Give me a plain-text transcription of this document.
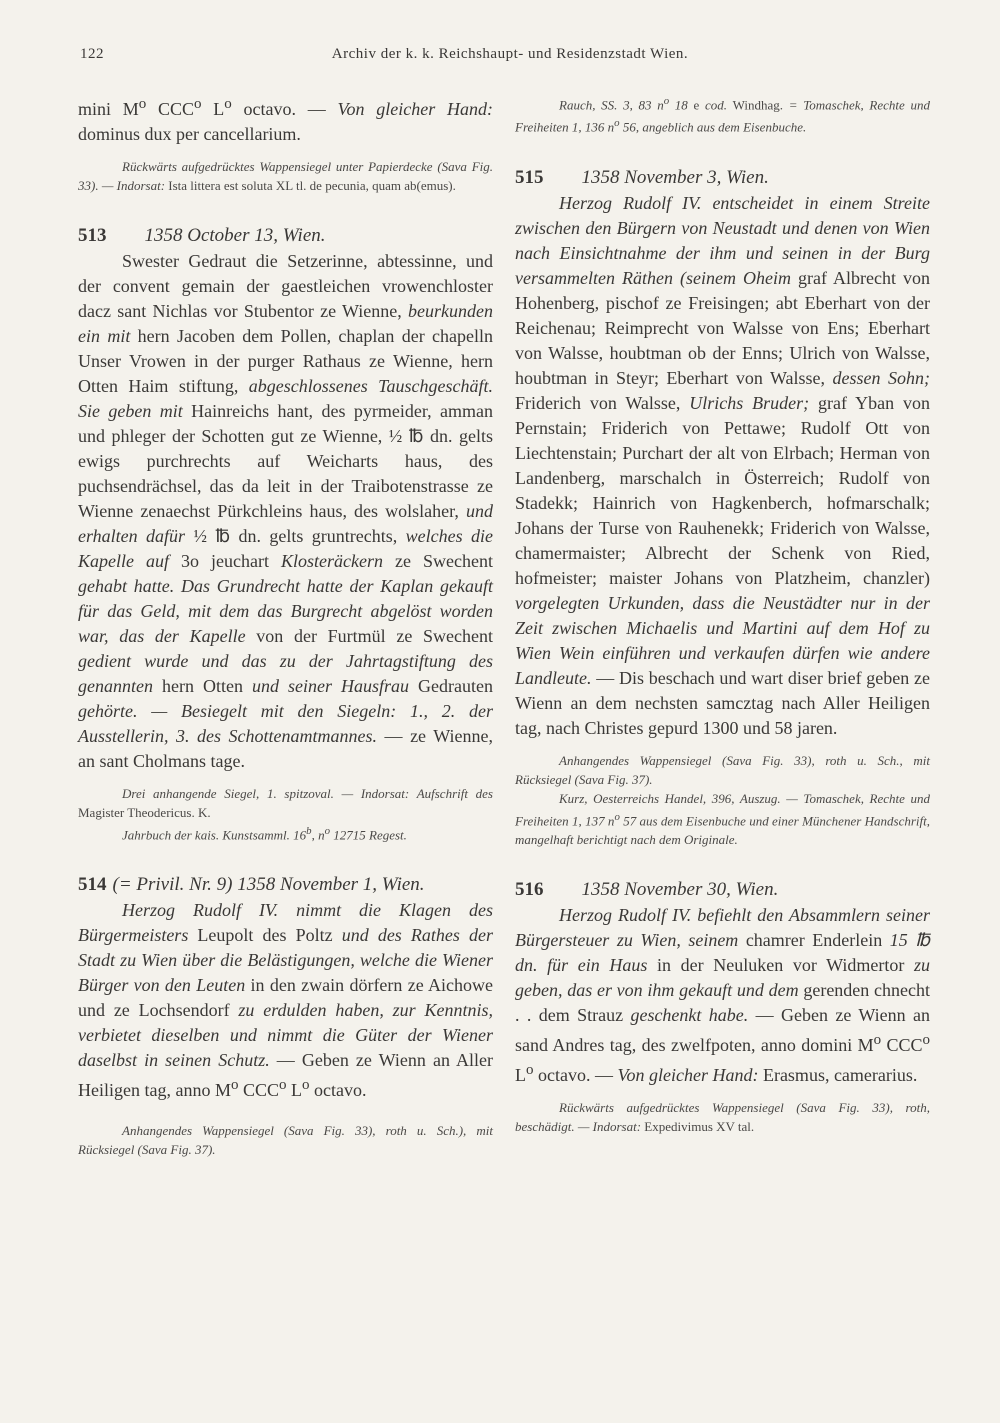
122	Archiv der k. k. Reichshaupt- und Residenzstadt Wien.

mini $M^o$ CCC$^o$ $L^o$ octavo. — Von gleicher Hand: dominus dux per cancellarium.

Rückwärts aufgedrücktes Wappensiegel unter Papierdecke (Sava Fig. 33). — Indorsat: Ista littera est soluta XL tl. de pecunia, quam ab(emus).

513 1358 October 13, Wien.

Swester Gedraut die Setzerinne, abtessinne, und der convent gemain der gaestleichen vrowenchloster dacz sant Nichlas vor Stubentor ze Wienne, beurkunden ein mit hern Jacoben dem Pollen, chaplan der chapelln Unser Vrowen in der purger Rathaus ze Wienne, hern Otten Haim stiftung, abgeschlossenes Tauschgeschäft. Sie geben mit Hainreichs hant, des pyrmeider, amman und phleger der Schotten gut ze Wienne, ½ ℔ dn. gelts ewigs purchrechts auf Weicharts haus, des puchsendrächsel, das da leit in der Traibotenstrasse ze Wienne zenaechst Pürkchleins haus, des wolslaher, und erhalten dafür ½ ℔ dn. gelts gruntrechts, welches die Kapelle auf 3o jeuchart Klosteräckern ze Swechent gehabt hatte. Das Grundrecht hatte der Kaplan gekauft für das Geld, mit dem das Burgrecht abgelöst worden war, das der Kapelle von der Furtmül ze Swechent gedient wurde und das zu der Jahrtagstiftung des genannten hern Otten und seiner Hausfrau Gedrauten gehörte. — Besiegelt mit den Siegeln: 1., 2. der Ausstellerin, 3. des Schottenamtmannes. — ze Wienne, an sant Cholmans tage.

Drei anhangende Siegel, 1. spitzoval. — Indorsat: Aufschrift des Magister Theodericus. K.

Jahrbuch der kais. Kunstsamml. 16$^b$, $n^o$ 12715 Regest.

514 (= Privil. Nr. 9) 1358 November 1, Wien.

Herzog Rudolf IV. nimmt die Klagen des Bürgermeisters Leupolt des Poltz und des Rathes der Stadt zu Wien über die Belästigungen, welche die Wiener Bürger von den Leuten in den zwain dörfern ze Aichowe und ze Lochsendorf zu erdulden haben, zur Kenntnis, verbietet dieselben und nimmt die Güter der Wiener daselbst in seinen Schutz. — Geben ze Wienn an Aller Heiligen tag, anno $M^o$ CCC$^o$ $L^o$ octavo.

Anhangendes Wappensiegel (Sava Fig. 33), roth u. Sch.), mit Rücksiegel (Sava Fig. 37).

Rauch, SS. 3, 83 $n^o$ 18 e cod. Windhag. = Tomaschek, Rechte und Freiheiten 1, 136 $n^o$ 56, angeblich aus dem Eisenbuche.

515 1358 November 3, Wien.

Herzog Rudolf IV. entscheidet in einem Streite zwischen den Bürgern von Neustadt und denen von Wien nach Einsichtnahme der ihm und seinen in der Burg versammelten Räthen (seinem Oheim graf Albrecht von Hohenberg, pischof ze Freisingen; abt Eberhart von der Reichenau; Reimprecht von Walsse von Ens; Eberhart von Walsse, houbtman ob der Enns; Ulrich von Walsse, houbtman in Steyr; Eberhart von Walsse, dessen Sohn; Friderich von Walsse, Ulrichs Bruder; graf Yban von Pernstain; Friderich von Pettawe; Rudolf Ott von Liechtenstain; Purchart der alt von Elrbach; Herman von Landenberg, marschalch in Österreich; Rudolf von Stadekk; Hainrich von Hagkenberch, hofmarschalk; Johans der Turse von Rauhenekk; Friderich von Walsse, chamermaister; Albrecht der Schenk von Ried, hofmeister; maister Johans von Platzheim, chanzler) vorgelegten Urkunden, dass die Neustädter nur in der Zeit zwischen Michaelis und Martini auf dem Hof zu Wien Wein einführen und verkaufen dürfen wie andere Landleute. — Dis beschach und wart diser brief geben ze Wienn an dem nechsten samcztag nach Aller Heiligen tag, nach Christes gepurd 1300 und 58 jaren.

Anhangendes Wappensiegel (Sava Fig. 33), roth u. Sch., mit Rücksiegel (Sava Fig. 37).

Kurz, Oesterreichs Handel, 396, Auszug. — Tomaschek, Rechte und Freiheiten 1, 137 $n^o$ 57 aus dem Eisenbuche und einer Münchener Handschrift, mangelhaft berichtigt nach dem Originale.

516 1358 November 30, Wien.

Herzog Rudolf IV. befiehlt den Absammlern seiner Bürgersteuer zu Wien, seinem chamrer Enderlein 15 ℔ dn. für ein Haus in der Neuluken vor Widmertor zu geben, das er von ihm gekauft und dem gerenden chnecht . . dem Strauz geschenkt habe. — Geben ze Wienn an sand Andres tag, des zwelfpoten, anno domini $M^o$ CCC$^o$ $L^o$ octavo. — Von gleicher Hand: Erasmus, camerarius.

Rückwärts aufgedrücktes Wappensiegel (Sava Fig. 33), roth, beschädigt. — Indorsat: Expedivimus XV tal.
